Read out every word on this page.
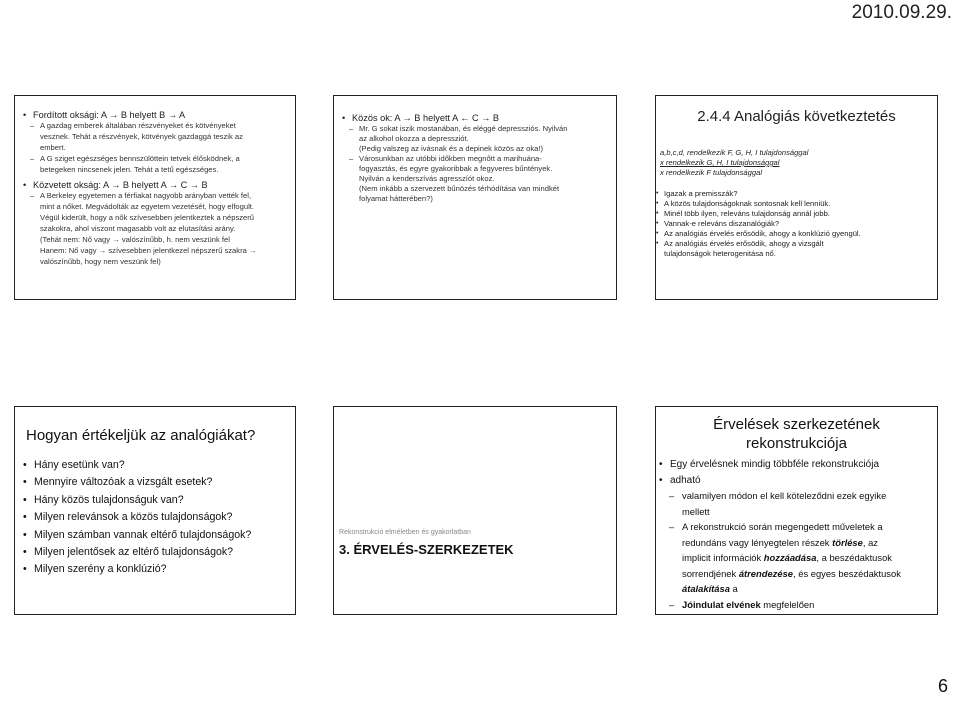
2010.09.29.
• Fordított oksági: A → B helyett B → A
– A gazdag emberek általában részvényeket és kötvényeket
vesznek. Tehát a részvények, kötvények gazdaggá teszik az
embert.
– A G sziget egészséges bennszülöttein tetvek élősködnek, a
betegeken nincsenek jelen. Tehát a tetű egészséges.
• Közvetett okság: A → B helyett A → C → B
– A Berkeley egyetemen a férfiakat nagyobb arányban vették fel,
mint a nőket. Megvádolták az egyetem vezetését, hogy elfogult.
Végül kiderült, hogy a nők szívesebben jelentkeztek a népszerű
szakokra, ahol viszont magasabb volt az elutasítási arány.
(Tehát nem: Nő vagy → valószínűbb, h. nem veszünk fel
Hanem: Nő vagy → szívesebben jelentkezel népszerű szakra →
valószínűbb, hogy nem veszünk fel)
• Közös ok: A → B helyett A ← C → B
– Mr. G sokat iszik mostanában, és eléggé depressziós. Nyilván
az alkohol okozza a depressziót.
(Pedig valszeg az ivásnak és a depinek közös az oka!)
– Városunkban az utóbbi időkben megnőtt a marihuána-
fogyasztás, és egyre gyakoribbak a fegyveres bűntények.
Nyilván a kenderszívás agresszíót okoz.
(Nem inkább a szervezett bűnözés térhódítása van mindkét
folyamat hátterében?)
2.4.4 Analógiás következtetés
a,b,c,d, rendelkezik F, G, H, I tulajdonsággal
x rendelkezik G, H, I tulajdonsággal
x rendelkezik F tulajdonsággal
• Igazak a premisszák?
• A közös tulajdonságoknak sontosnak kell lenniük.
• Minél több ilyen, releváns tulajdonság annál jobb.
• Vannak-e releváns diszanalógiák?
• Az analógiás érvelés erősödik, ahogy a konklúzió gyengül.
• Az analógiás érvelés erősödik, ahogy a vizsgált
tulajdonságok heterogenitása nő.
Hogyan értékeljük az analógiákat?
• Hány esetünk van?
• Mennyire változóak a vizsgált esetek?
• Hány közös tulajdonságuk van?
• Milyen relevánsok a közös tulajdonságok?
• Milyen számban vannak eltérő tulajdonságok?
• Milyen jelentősek az eltérő tulajdonságok?
• Milyen szerény a konklúzió?
Rekonstrukció elméletben és gyakorlatban
3. ÉRVELÉS-SZERKEZETEK
Érvelések szerkezetének
rekonstrukciója
• Egy érvelésnek mindig többféle rekonstrukciója
• adható
– valamilyen módon el kell köteleződni ezek egyike
mellett
– A rekonstrukció során megengedett műveletek a
redundáns vagy lényegtelen részek törlése, az
implicit információk hozzáadása, a beszédaktusok
sorrendjének átrendezése, és egyes beszédaktusok
átalakítása a
– Jóindulat elvének megfelelően
6
